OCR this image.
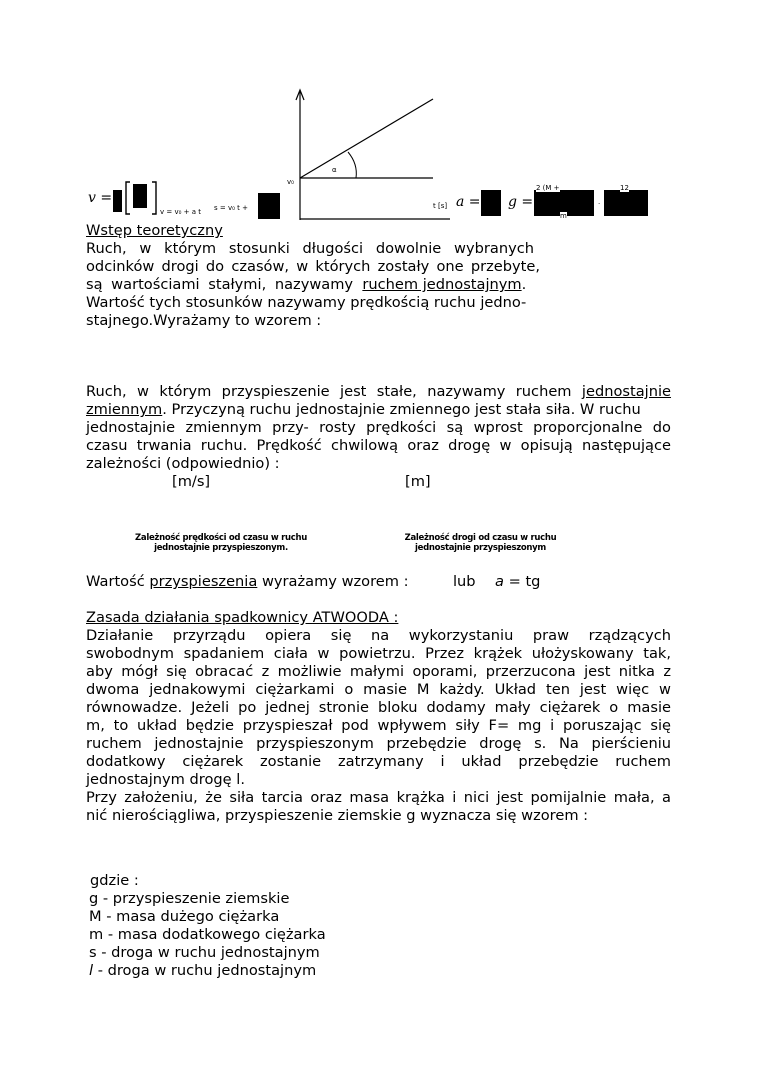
v =
v = v₀ + a t s = v₀ t +
v₀
α
t [s] a = g =
2 (M +
m
·
12
Wstęp teoretyczny
Ruch, w którym stosunki długości dowolnie wybranych
odcinków drogi do czasów, w których zostały one przebyte,
są wartościami stałymi, nazywamy ruchem jednostajnym.
Wartość tych stosunków nazywamy prędkością ruchu jedno-
stajnego.Wyrażamy to wzorem :
Ruch, w którym przyspieszenie jest stałe, nazywamy ruchem jednostajnie
zmiennym. Przyczyną ruchu jednostajnie zmiennego jest stała siła. W ruchu
jednostajnie zmiennym przy- rosty prędkości są wprost proporcjonalne do
czasu trwania ruchu. Prędkość chwilową oraz drogę w opisują następujące
zależności (odpowiednio) :
[m/s]	[m]
Zależność prędkości od czasu w ruchu
jednostajnie przyspieszonym.
Zależność drogi od czasu w ruchu
jednostajnie przyspieszonym
Wartość przyspieszenia wyrażamy wzorem :	lub a = tg
Zasada działania spadkownicy ATWOODA :
Działanie przyrządu opiera się na wykorzystaniu praw rządzących
swobodnym spadaniem ciała w powietrzu. Przez krążek ułożyskowany tak,
aby mógł się obracać z możliwie małymi oporami, przerzucona jest nitka z
dwoma jednakowymi ciężarkami o masie M każdy. Układ ten jest więc w
równowadze. Jeżeli po jednej stronie bloku dodamy mały ciężarek o masie
m, to układ będzie przyspieszał pod wpływem siły F= mg i poruszając się
ruchem jednostajnie przyspieszonym przebędzie drogę s. Na pierścieniu
dodatkowy ciężarek zostanie zatrzymany i układ przebędzie ruchem
jednostajnym drogę l.
Przy założeniu, że siła tarcia oraz masa krążka i nici jest pomijalnie mała, a
nić nierościągliwa, przyspieszenie ziemskie g wyznacza się wzorem :
gdzie :
g - przyspieszenie ziemskie
M - masa dużego ciężarka
m - masa dodatkowego ciężarka
s - droga w ruchu jednostajnym
l - droga w ruchu jednostajnym
